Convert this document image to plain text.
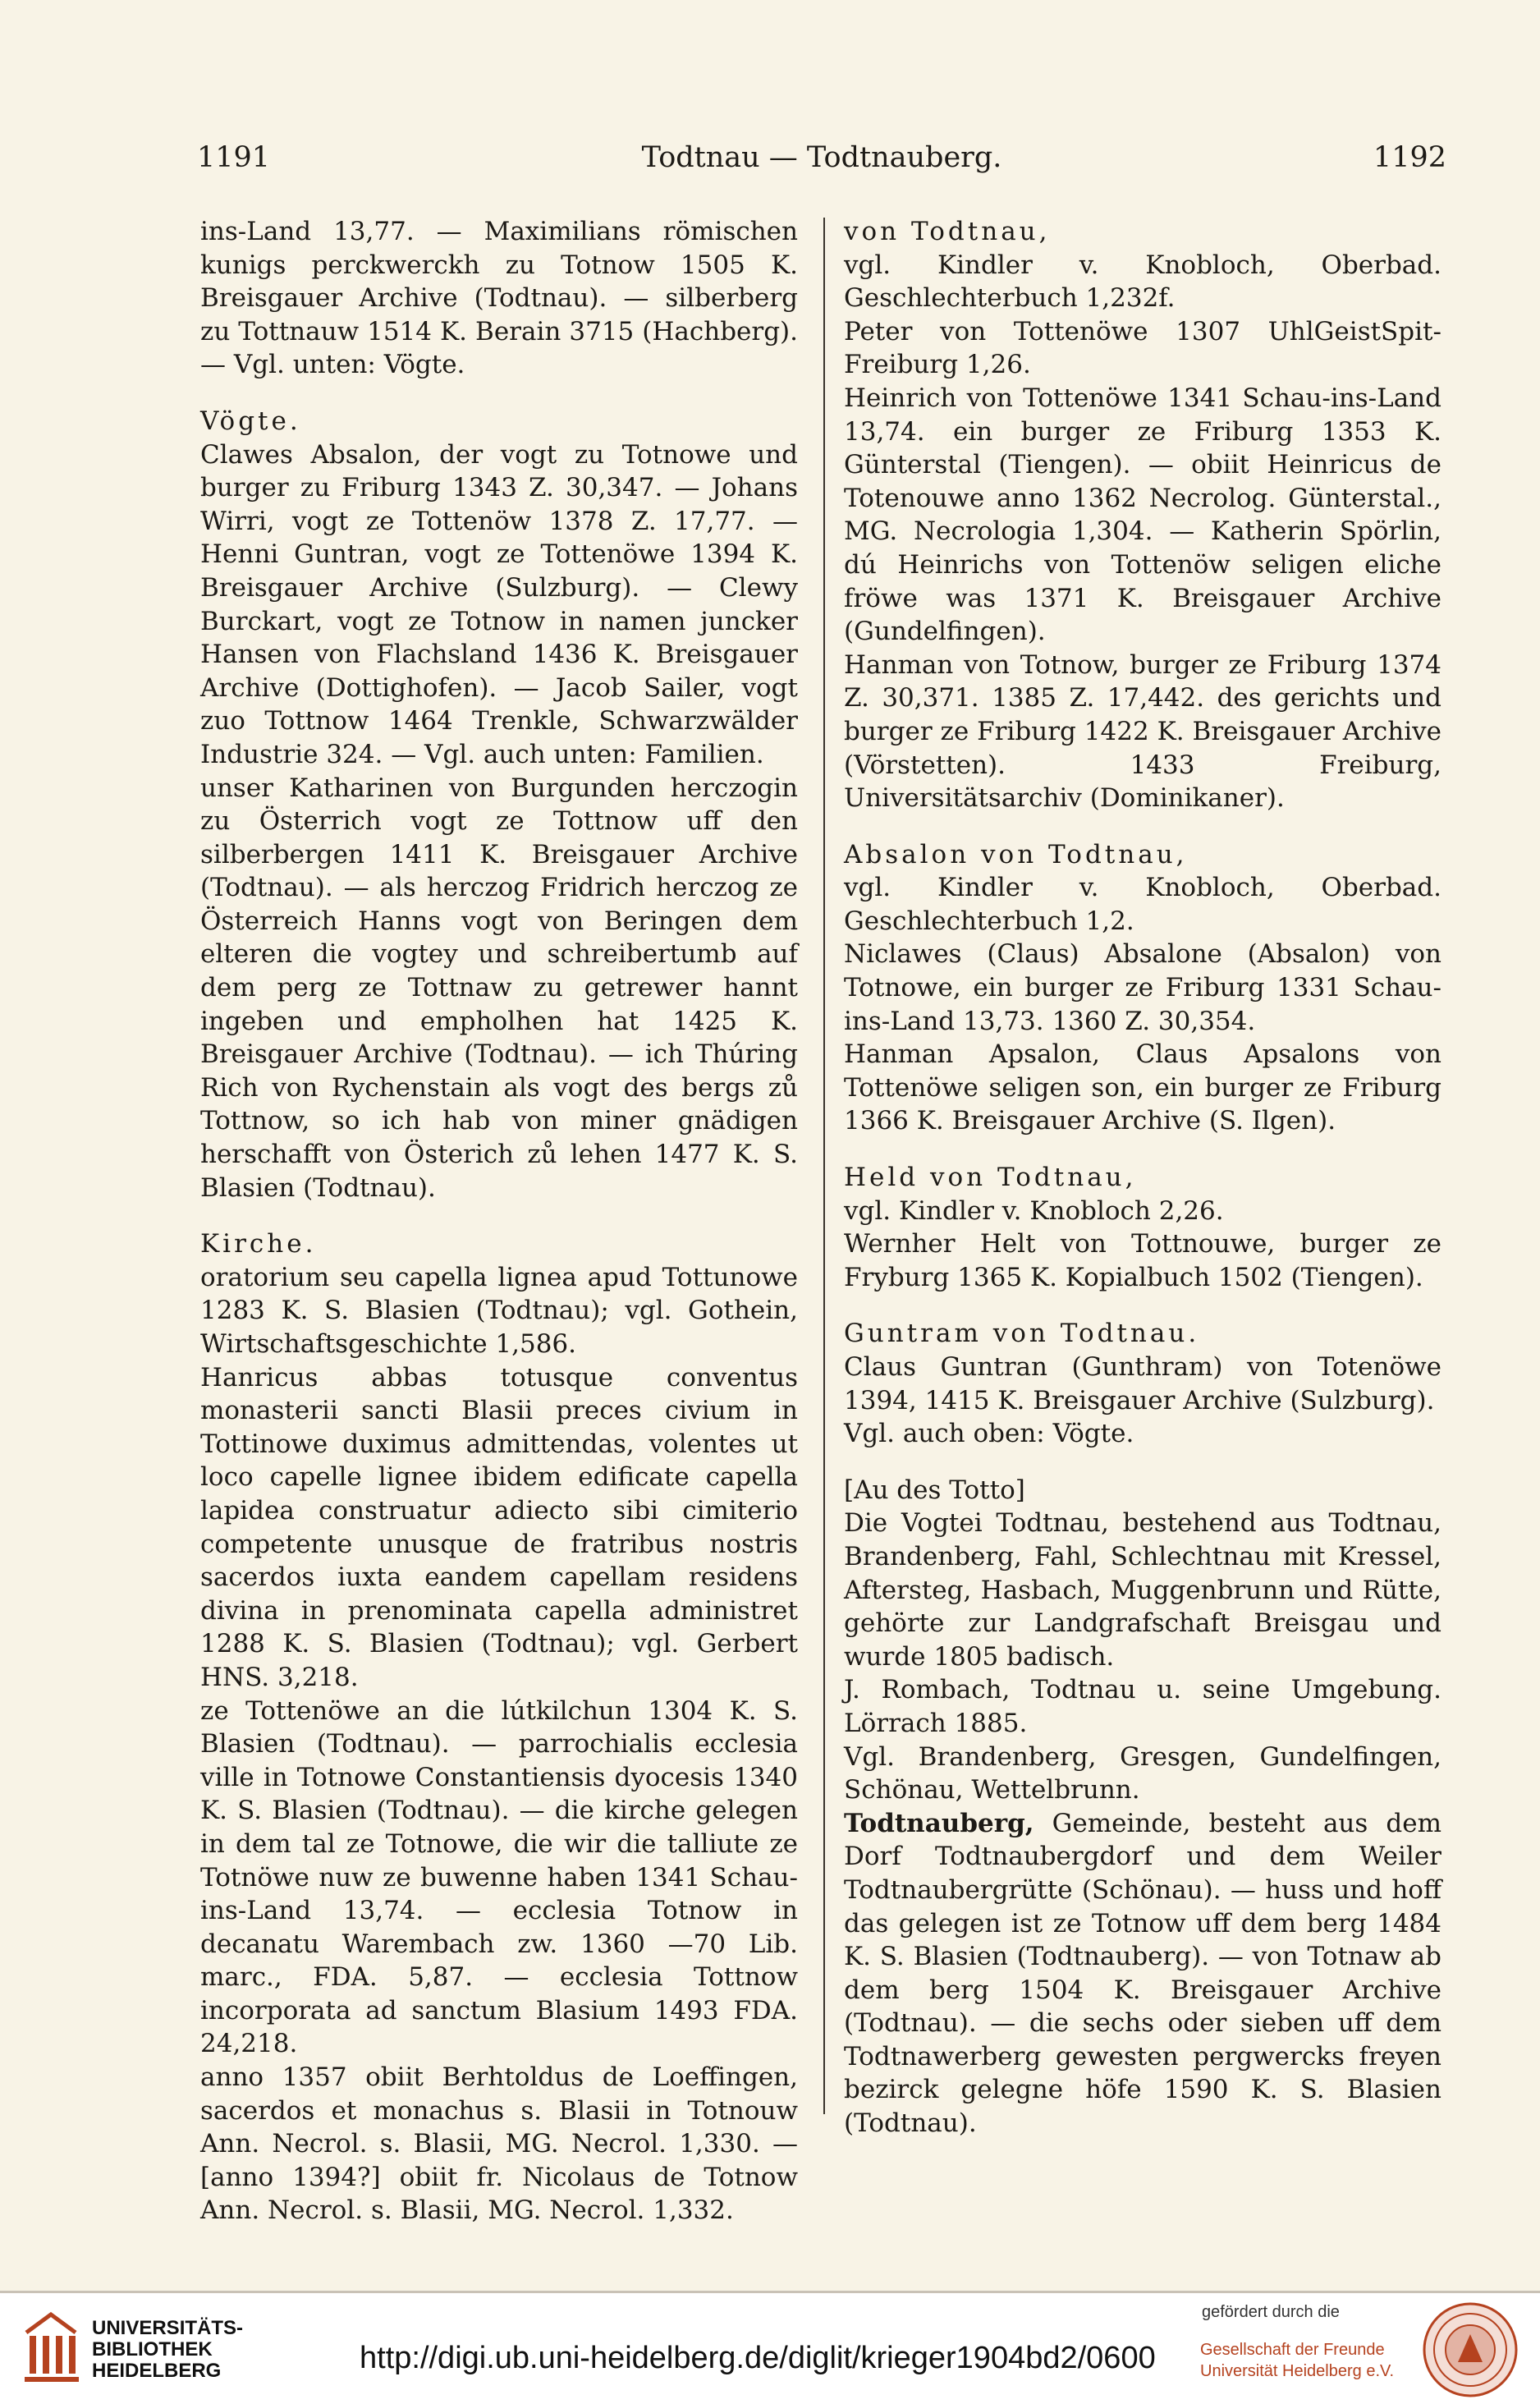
1191	Todtnau — Todtnauberg.	1192

ins-Land 13,77. — Maximilians römischen kunigs perckwerckh zu Totnow 1505 K. Breisgauer Archive (Todtnau). — silberberg zu Tottnauw 1514 K. Berain 3715 (Hachberg). — Vgl. unten: Vögte.

Vögte.

Clawes Absalon, der vogt zu Totnowe und burger zu Friburg 1343 Z. 30,347. — Johans Wirri, vogt ze Tottenöw 1378 Z. 17,77. — Henni Guntran, vogt ze Tottenöwe 1394 K. Breisgauer Archive (Sulzburg). — Clewy Burckart, vogt ze Totnow in namen juncker Hansen von Flachsland 1436 K. Breisgauer Archive (Dottighofen). — Jacob Sailer, vogt zuo Tottnow 1464 Trenkle, Schwarzwälder Industrie 324. — Vgl. auch unten: Familien.

unser Katharinen von Burgunden herczogin zu Österrich vogt ze Tottnow uff den silberbergen 1411 K. Breisgauer Archive (Todtnau). — als herczog Fridrich herczog ze Österreich Hanns vogt von Beringen dem elteren die vogtey und schreibertumb auf dem perg ze Tottnaw zu getrewer hannt ingeben und empholhen hat 1425 K. Breisgauer Archive (Todtnau). — ich Thúring Rich von Rychenstain als vogt des bergs zů Tottnow, so ich hab von miner gnädigen herschafft von Österich zů lehen 1477 K. S. Blasien (Todtnau).

Kirche.

oratorium seu capella lignea apud Tottunowe 1283 K. S. Blasien (Todtnau); vgl. Gothein, Wirtschaftsgeschichte 1,586.

Hanricus abbas totusque conventus monasterii sancti Blasii preces civium in Tottinowe duximus admittendas, volentes ut loco capelle lignee ibidem edificate capella lapidea construatur adiecto sibi cimiterio competente unusque de fratribus nostris sacerdos iuxta eandem capellam residens divina in prenominata capella administret 1288 K. S. Blasien (Todtnau); vgl. Gerbert HNS. 3,218.

ze Tottenöwe an die lútkilchun 1304 K. S. Blasien (Todtnau). — parrochialis ecclesia ville in Totnowe Constantiensis dyocesis 1340 K. S. Blasien (Todtnau). — die kirche gelegen in dem tal ze Totnowe, die wir die talliute ze Totnöwe nuw ze buwenne haben 1341 Schau-ins-Land 13,74. — ecclesia Totnow in decanatu Warembach zw. 1360 —70 Lib. marc., FDA. 5,87. — ecclesia Tottnow incorporata ad sanctum Blasium 1493 FDA. 24,218.

anno 1357 obiit Berhtoldus de Loeffingen, sacerdos et monachus s. Blasii in Totnouw Ann. Necrol. s. Blasii, MG. Necrol. 1,330. — [anno 1394?] obiit fr. Nicolaus de Totnow Ann. Necrol. s. Blasii, MG. Necrol. 1,332.

von Todtnau,

vgl. Kindler v. Knobloch, Oberbad. Geschlechterbuch 1,232f.

Peter von Tottenöwe 1307 UhlGeistSpit-Freiburg 1,26.

Heinrich von Tottenöwe 1341 Schau-ins-Land 13,74. ein burger ze Friburg 1353 K. Günterstal (Tiengen). — obiit Heinricus de Totenouwe anno 1362 Necrolog. Günterstal., MG. Necrologia 1,304. — Katherin Spörlin, dú Heinrichs von Tottenöw seligen eliche fröwe was 1371 K. Breisgauer Archive (Gundelfingen).

Hanman von Totnow, burger ze Friburg 1374 Z. 30,371. 1385 Z. 17,442. des gerichts und burger ze Friburg 1422 K. Breisgauer Archive (Vörstetten). 1433 Freiburg, Universitätsarchiv (Dominikaner).

Absalon von Todtnau,

vgl. Kindler v. Knobloch, Oberbad. Geschlechterbuch 1,2.

Niclawes (Claus) Absalone (Absalon) von Totnowe, ein burger ze Friburg 1331 Schau-ins-Land 13,73. 1360 Z. 30,354.

Hanman Apsalon, Claus Apsalons von Tottenöwe seligen son, ein burger ze Friburg 1366 K. Breisgauer Archive (S. Ilgen).

Held von Todtnau,

vgl. Kindler v. Knobloch 2,26.

Wernher Helt von Tottnouwe, burger ze Fryburg 1365 K. Kopialbuch 1502 (Tiengen).

Guntram von Todtnau.

Claus Guntran (Gunthram) von Totenöwe 1394, 1415 K. Breisgauer Archive (Sulzburg).

Vgl. auch oben: Vögte.

[Au des Totto]

Die Vogtei Todtnau, bestehend aus Todtnau, Brandenberg, Fahl, Schlechtnau mit Kressel, Aftersteg, Hasbach, Muggenbrunn und Rütte, gehörte zur Landgrafschaft Breisgau und wurde 1805 badisch.

J. Rombach, Todtnau u. seine Umgebung. Lörrach 1885.

Vgl. Brandenberg, Gresgen, Gundelfingen, Schönau, Wettelbrunn.

Todtnauberg, Gemeinde, besteht aus dem Dorf Todtnaubergdorf und dem Weiler Todtnaubergrütte (Schönau). — huss und hoff das gelegen ist ze Totnow uff dem berg 1484 K. S. Blasien (Todtnauberg). — von Totnaw ab dem berg 1504 K. Breisgauer Archive (Todtnau). — die sechs oder sieben uff dem Todtnawerberg gewesten pergwercks freyen bezirck gelegne höfe 1590 K. S. Blasien (Todtnau).

UNIVERSITÄTS-
BIBLIOTHEK
HEIDELBERG	http://digi.ub.uni-heidelberg.de/diglit/krieger1904bd2/0600
gefördert durch die
Gesellschaft der Freunde
Universität Heidelberg e.V.
